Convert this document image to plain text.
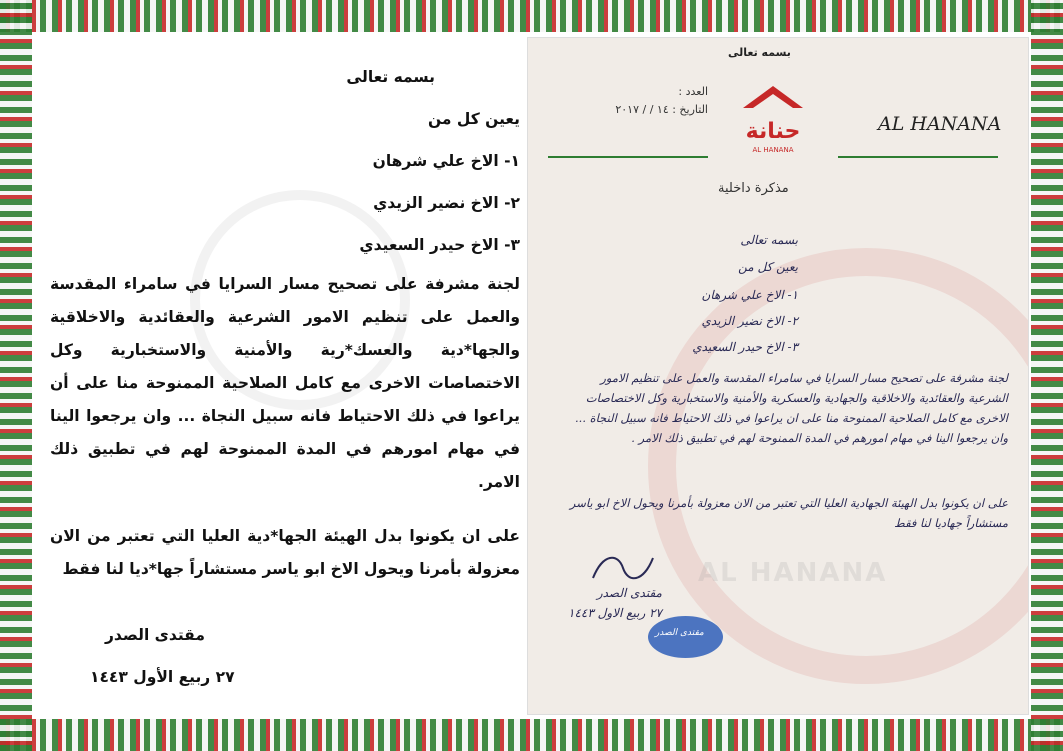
بسمه تعالى
يعين كل من
١- الاخ علي شرهان
٢- الاخ نضير الزيدي
٣- الاخ حيدر السعيدي
لجنة مشرفة على تصحيح مسار السرايا في سامراء المقدسة والعمل على تنظيم الامور الشرعية والعقائدية والاخلاقية والجها*دية والعسك*رية والأمنية والاستخبارية وكل الاختصاصات الاخرى مع كامل الصلاحية الممنوحة منا على أن يراعوا في ذلك الاحتياط فانه سبيل النجاة ... وان يرجعوا الينا في مهام امورهم في المدة الممنوحة لهم في تطبيق ذلك الامر.
على ان يكونوا بدل الهيئة الجها*دية العليا التي تعتبر من الان معزولة بأمرنا ويحول الاخ ابو ياسر مستشاراً جها*ديا لنا فقط
مقتدى الصدر
٢٧ ربيع الأول ١٤٤٣
AL HANANA
بسمه تعالى
حنانة
AL HANANA
AL HANANA
العدد :
التاريخ : ١٤ / / ٢٠١٧
مذكرة داخلية
بسمه تعالى
يعين كل من
١- الاخ علي شرهان
٢- الاخ نضير الزيدي
٣- الاخ حيدر السعيدي
لجنة مشرفة على تصحيح مسار السرايا في سامراء المقدسة والعمل على تنظيم الامور الشرعية والعقائدية والاخلاقية والجهادية والعسكرية والأمنية والاستخبارية وكل الاختصاصات الاخرى مع كامل الصلاحية الممنوحة منا على ان يراعوا في ذلك الاحتياط فانه سبيل النجاة ... وان يرجعوا الينا في مهام امورهم في المدة الممنوحة لهم في تطبيق ذلك الامر .
على ان يكونوا بدل الهيئة الجهادية العليا التي تعتبر من الان معزولة بأمرنا ويحول الاخ ابو ياسر مستشاراً جهاديا لنا فقط
مقتدى الصدر
٢٧ ربيع الاول ١٤٤٣
مقتدى الصدر
